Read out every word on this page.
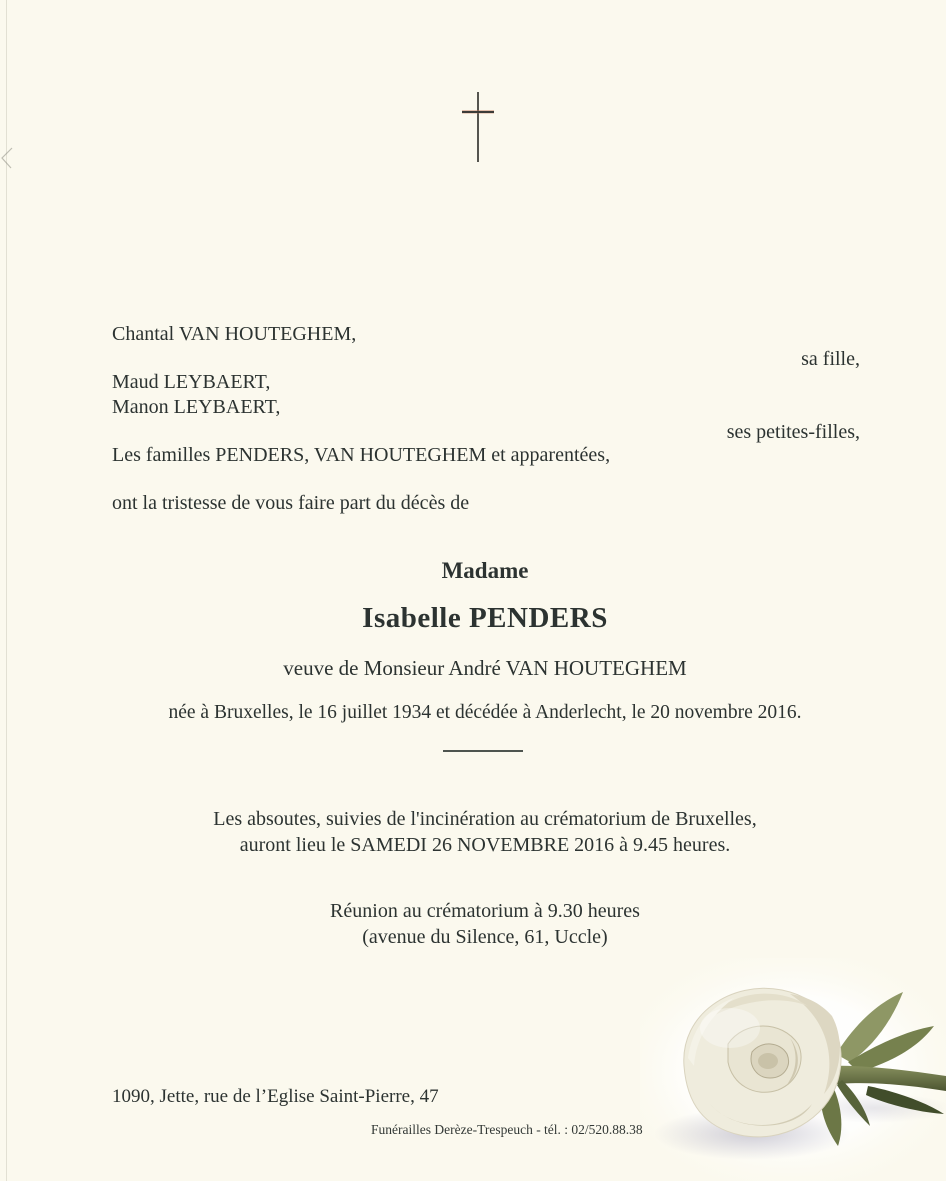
Chantal VAN HOUTEGHEM,
sa fille,
Maud LEYBAERT,
Manon LEYBAERT,
ses petites-filles,
Les familles PENDERS, VAN HOUTEGHEM et apparentées,
ont la tristesse de vous faire part du décès de
Madame
Isabelle PENDERS
veuve de Monsieur André VAN HOUTEGHEM
née à Bruxelles, le 16 juillet 1934 et décédée à Anderlecht, le 20 novembre 2016.
Les absoutes, suivies de l'incinération au crématorium de Bruxelles,
auront lieu le SAMEDI 26 NOVEMBRE 2016 à 9.45 heures.
Réunion au crématorium à 9.30 heures
(avenue du Silence, 61, Uccle)
1090, Jette, rue de l’Eglise Saint-Pierre, 47
Funérailles Derèze-Trespeuch - tél. : 02/520.88.38
